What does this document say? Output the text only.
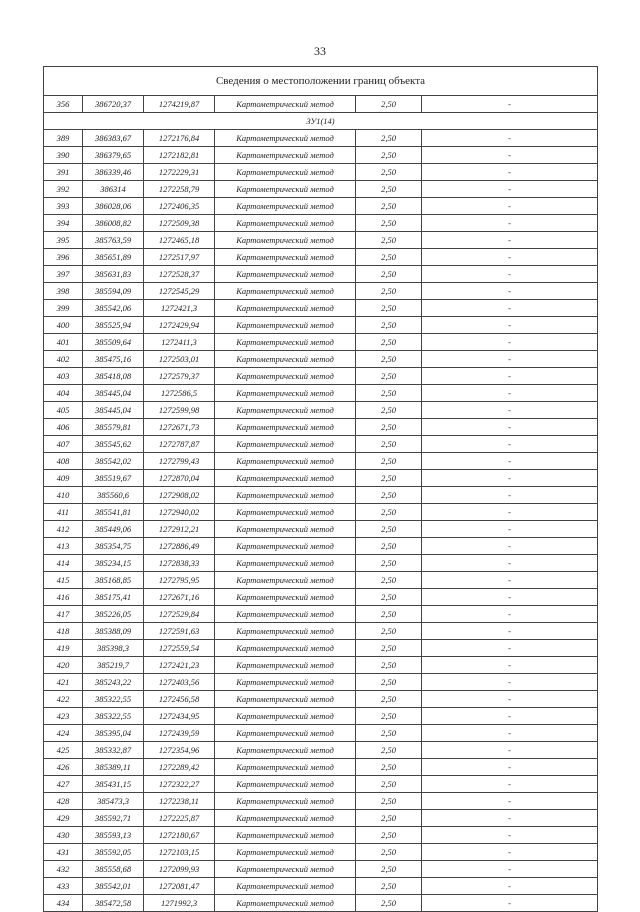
33
Сведения о местоположении границ объекта					
356	386720,37	1274219,87	Картометрический метод	2,50	-
ЗУ1(14)					
389	386383,67	1272176,84	Картометрический метод	2,50	-
390	386379,65	1272182,81	Картометрический метод	2,50	-
391	386339,46	1272229,31	Картометрический метод	2,50	-
392	386314	1272258,79	Картометрический метод	2,50	-
393	386028,06	1272406,35	Картометрический метод	2,50	-
394	386008,82	1272509,38	Картометрический метод	2,50	-
395	385763,59	1272465,18	Картометрический метод	2,50	-
396	385651,89	1272517,97	Картометрический метод	2,50	-
397	385631,83	1272528,37	Картометрический метод	2,50	-
398	385594,09	1272545,29	Картометрический метод	2,50	-
399	385542,06	1272421,3	Картометрический метод	2,50	-
400	385525,94	1272429,94	Картометрический метод	2,50	-
401	385509,64	1272411,3	Картометрический метод	2,50	-
402	385475,16	1272503,01	Картометрический метод	2,50	-
403	385418,08	1272579,37	Картометрический метод	2,50	-
404	385445,04	1272586,5	Картометрический метод	2,50	-
405	385445,04	1272599,98	Картометрический метод	2,50	-
406	385579,81	1272671,73	Картометрический метод	2,50	-
407	385545,62	1272787,87	Картометрический метод	2,50	-
408	385542,02	1272799,43	Картометрический метод	2,50	-
409	385519,67	1272870,04	Картометрический метод	2,50	-
410	385560,6	1272908,02	Картометрический метод	2,50	-
411	385541,81	1272940,02	Картометрический метод	2,50	-
412	385449,06	1272912,21	Картометрический метод	2,50	-
413	385354,75	1272886,49	Картометрический метод	2,50	-
414	385234,15	1272838,33	Картометрический метод	2,50	-
415	385168,85	1272795,95	Картометрический метод	2,50	-
416	385175,41	1272671,16	Картометрический метод	2,50	-
417	385226,05	1272529,84	Картометрический метод	2,50	-
418	385388,09	1272591,63	Картометрический метод	2,50	-
419	385398,3	1272559,54	Картометрический метод	2,50	-
420	385219,7	1272421,23	Картометрический метод	2,50	-
421	385243,22	1272403,56	Картометрический метод	2,50	-
422	385322,55	1272456,58	Картометрический метод	2,50	-
423	385322,55	1272434,95	Картометрический метод	2,50	-
424	385395,04	1272439,59	Картометрический метод	2,50	-
425	385332,87	1272354,96	Картометрический метод	2,50	-
426	385389,11	1272289,42	Картометрический метод	2,50	-
427	385431,15	1272322,27	Картометрический метод	2,50	-
428	385473,3	1272238,11	Картометрический метод	2,50	-
429	385592,71	1272225,87	Картометрический метод	2,50	-
430	385593,13	1272180,67	Картометрический метод	2,50	-
431	385592,05	1272103,15	Картометрический метод	2,50	-
432	385558,68	1272099,93	Картометрический метод	2,50	-
433	385542,01	1272081,47	Картометрический метод	2,50	-
434	385472,58	1271992,3	Картометрический метод	2,50	-
